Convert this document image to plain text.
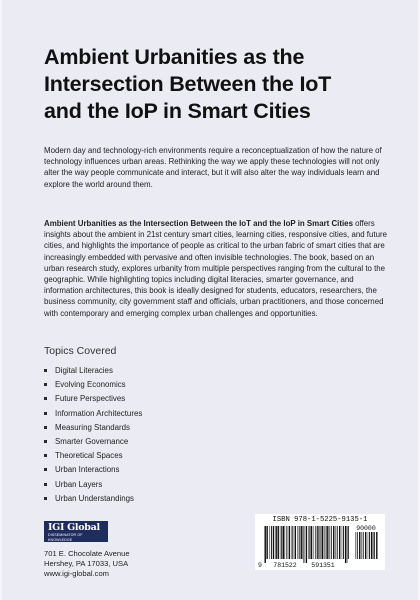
Ambient Urbanities as the
Intersection Between the IoT
and the IoP in Smart Cities
Modern day and technology-rich environments require a reconceptualization of how the nature of technology influences urban areas. Rethinking the way we apply these technologies will not only alter the way people communicate and interact, but it will also alter the way individuals learn and explore the world around them.
Ambient Urbanities as the Intersection Between the IoT and the IoP in Smart Cities offers insights about the ambient in 21st century smart cities, learning cities, responsive cities, and future cities, and highlights the importance of people as critical to the urban fabric of smart cities that are increasingly embedded with pervasive and often invisible technologies. The book, based on an urban research study, explores urbanity from multiple perspectives ranging from the cultural to the geographic. While highlighting topics including digital literacies, smarter governance, and information architectures, this book is ideally designed for students, educators, researchers, the business community, city government staff and officials, urban practitioners, and those concerned with contemporary and emerging complex urban challenges and opportunities.
Topics Covered
Digital Literacies
Evolving Economics
Future Perspectives
Information Architectures
Measuring Standards
Smarter Governance
Theoretical Spaces
Urban Interactions
Urban Layers
Urban Understandings
IGI Global
DISSEMINATOR OF KNOWLEDGE
701 E. Chocolate Avenue
Hershey, PA 17033, USA
www.igi-global.com
ISBN 978-1-5225-9135-1
90000
9 781522 591351
